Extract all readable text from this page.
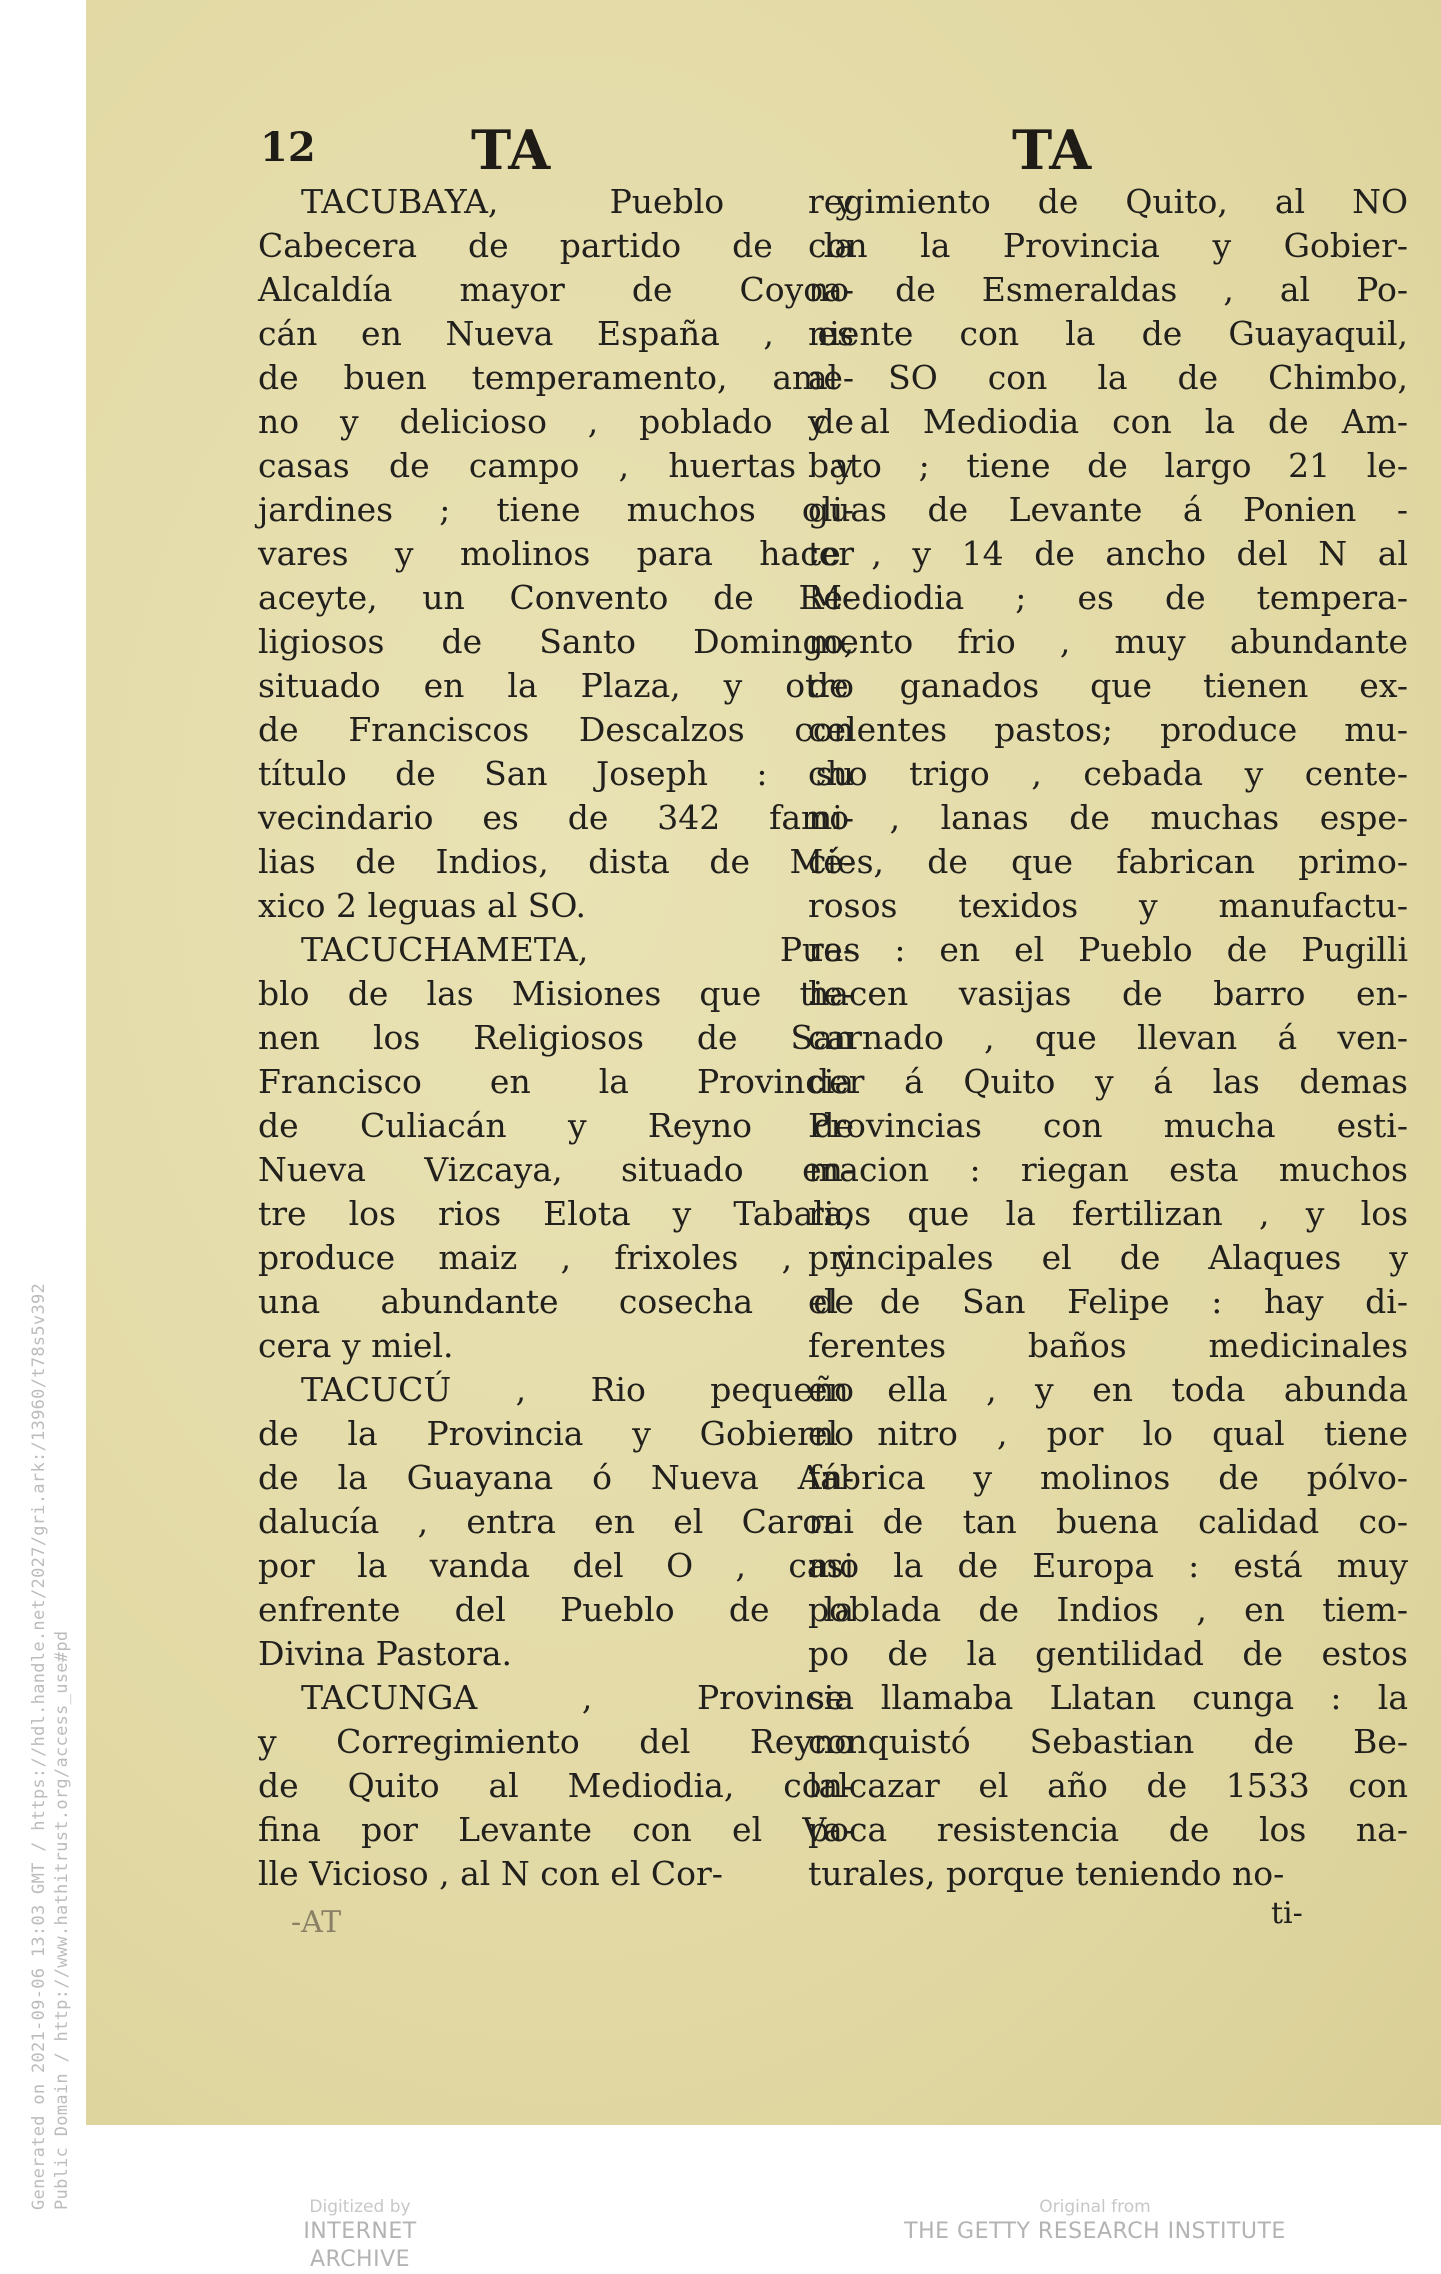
Generated on 2021-09-06 13:03 GMT / https://hdl.handle.net/2027/gri.ark:/13960/t78s5v392 Public Domain / http://www.hathitrust.org/access_use#pd
12	TA	TA
TACUBAYA, Pueblo y
Cabecera de partido de la
Alcaldía mayor de Coyoa-
cán en Nueva España , es
de buen temperamento, ame-
no y delicioso , poblado de
casas de campo , huertas y
jardines ; tiene muchos oli-
vares y molinos para hacer
aceyte, un Convento de Re-
ligiosos de Santo Domingo,
situado en la Plaza, y otro
de Franciscos Descalzos con
título de San Joseph : su
vecindario es de 342 fami-
lias de Indios, dista de Mé-
xico 2 leguas al SO.
TACUCHAMETA, Pue-
blo de las Misiones que tie-
nen los Religiosos de San
Francisco en la Provincia
de Culiacán y Reyno de
Nueva Vizcaya, situado en-
tre los rios Elota y Tabala,
produce maiz , frixoles , y
una abundante cosecha de
cera y miel.
TACUCÚ , Rio pequeño
de la Provincia y Gobierno
de la Guayana ó Nueva An-
dalucía , entra en el Caroni
por la vanda del O , casi
enfrente del Pueblo de la
Divina Pastora.
TACUNGA , Provincia
y Corregimiento del Reyno
de Quito al Mediodia, con-
fina por Levante con el Va-
lle Vicioso , al N con el Cor-
regimiento de Quito, al NO
con la Provincia y Gobier-
no de Esmeraldas , al Po-
niente con la de Guayaquil,
al SO con la de Chimbo,
y al Mediodia con la de Am-
bato ; tiene de largo 21 le-
guas de Levante á Ponien -
te , y 14 de ancho del N al
Mediodia ; es de tempera-
mento frio , muy abundante
de ganados que tienen ex-
celentes pastos; produce mu-
cho trigo , cebada y cente-
no , lanas de muchas espe-
cies, de que fabrican primo-
rosos texidos y manufactu-
ras : en el Pueblo de Pugilli
hacen vasijas de barro en-
carnado , que llevan á ven-
der á Quito y á las demas
Provincias con mucha esti-
macion : riegan esta muchos
rios que la fertilizan , y los
principales el de Alaques y
el de San Felipe : hay di-
ferentes baños medicinales
en ella , y en toda abunda
el nitro , por lo qual tiene
fábrica y molinos de pólvo-
ra de tan buena calidad co-
mo la de Europa : está muy
poblada de Indios , en tiem-
po de la gentilidad de estos
se llamaba Llatan cunga : la
conquistó Sebastian de Be-
lalcazar el año de 1533 con
poca resistencia de los na-
turales, porque teniendo no-
-AT	ti-
Digitized by
INTERNET ARCHIVE
Original from
THE GETTY RESEARCH INSTITUTE
